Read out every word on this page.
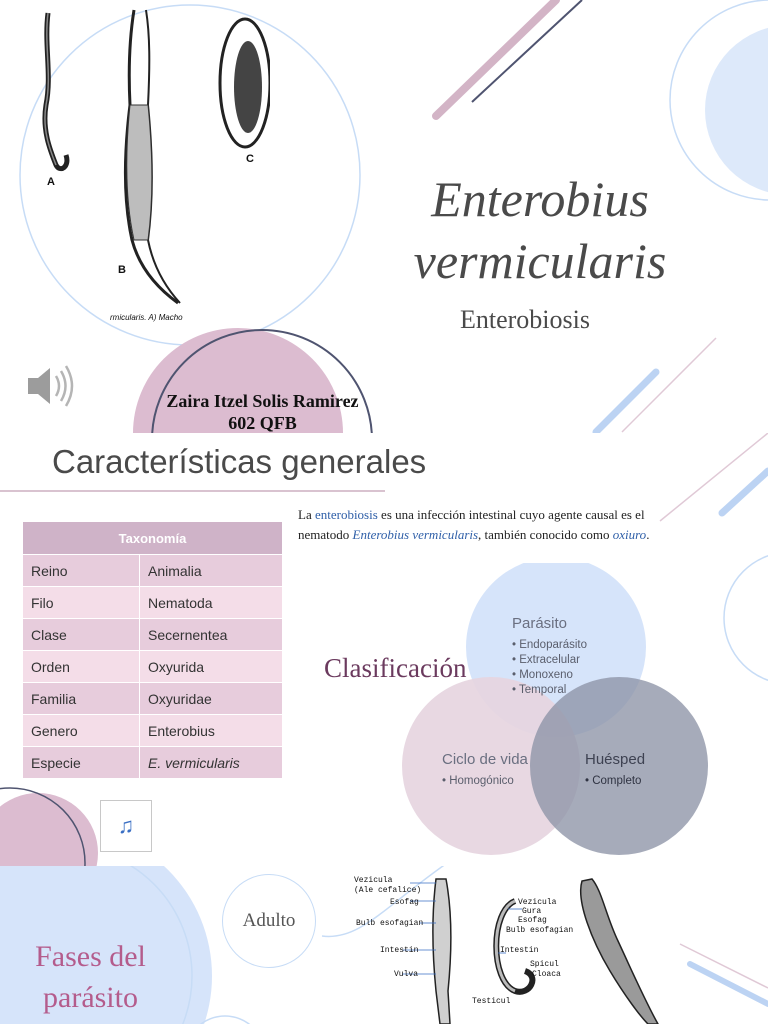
A
B
C
rmicularis. A) Macho
Enterobius
vermicularis
Enterobiosis
Zaira Itzel Solis Ramirez
602 QFB
Características generales
Taxonomía	
Reino	Animalia
Filo	Nematoda
Clase	Secernentea
Orden	Oxyurida
Familia	Oxyuridae
Genero	Enterobius
Especie	E. vermicularis
La enterobiosis es una infección intestinal cuyo agente causal es el nematodo Enterobius vermicularis, también conocido como oxiuro.
Clasificación
Parásito
• Endoparásito
• Extracelular
• Monoxeno
• Temporal
Ciclo de vida
• Homogónico
Huésped
• Completo
♫
Fases del
parásito
Adulto
Vezicula
(Ale cefalice)
Esofag
Bulb esofagian
Intestin
Vulva
Vezicula
Gura
Esofag
Bulb esofagian
Intestin
Spicul
Cloaca
Testicul
